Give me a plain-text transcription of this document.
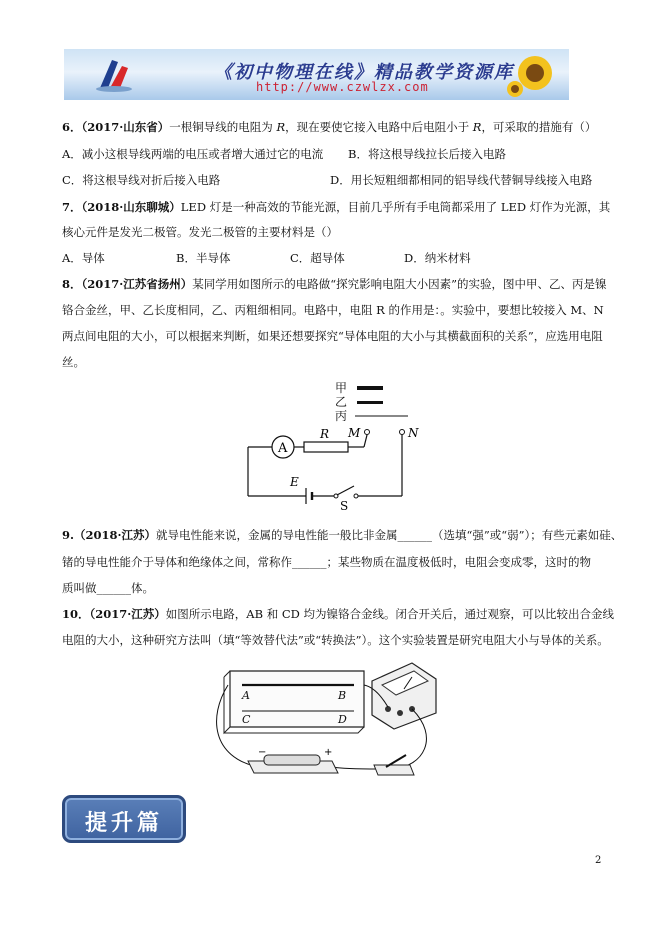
《初中物理在线》精品教学资源库
http://www.czwlzx.com
6．（2017·山东省）一根铜导线的电阻为 R，现在要使它接入电路中后电阻小于 R，可采取的措施有（）
A．减小这根导线两端的电压或者增大通过它的电流 B．将这根导线拉长后接入电路
C．将这根导线对折后接入电路	D．用长短粗细都相同的铝导线代替铜导线接入电路
7．（2018·山东聊城）LED 灯是一种高效的节能光源，目前几乎所有手电筒都采用了 LED 灯作为光源，其
核心元件是发光二极管。发光二极管的主要材料是（）
A．导体	B．半导体	C．超导体	D．纳米材料
8．（2017·江苏省扬州）某同学用如图所示的电路做“探究影响电阻大小因素”的实验，图中甲、乙、丙是镍
铬合金丝，甲、乙长度相同，乙、丙粗细相同。电路中，电阻 R 的作用是：。实验中，要想比较接入 M、N
两点间电阻的大小，可以根据来判断，如果还想要探究“导体电阻的大小与其横截面积的关系”，应选用电阻
丝。
甲
乙
丙
A
R M	N
E
S
9.（2018·江苏）就导电性能来说，金属的导电性能一般比非金属______（选填“强”或“弱”）；有些元素如硅、
锗的导电性能介于导体和绝缘体之间，常称作______；某些物质在温度极低时，电阻会变成零，这时的物
质叫做______体。
10．（2017·江苏）如图所示电路，AB 和 CD 均为镍铬合金线。闭合开关后，通过观察，可以比较出合金线
电阻的大小，这种研究方法叫（填“等效替代法”或“转换法”）。这个实验装置是研究电阻大小与导体的关系。
A	B
C	D
−	+
提升篇
2
